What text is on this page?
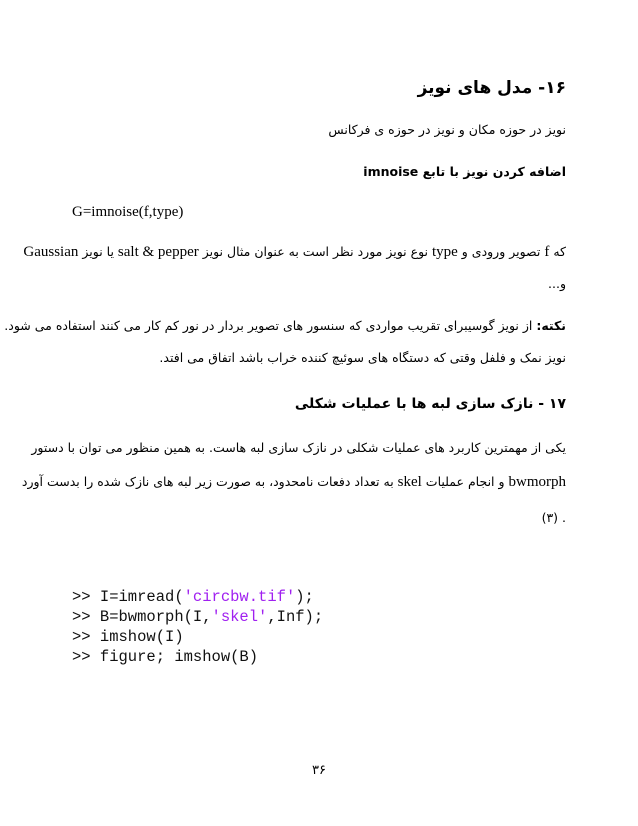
۱۶- مدل های نویز
نویز در حوزه مکان و نویز در حوزه ی فرکانس
اضافه کردن نویز با تابع imnoise
G=imnoise(f,type)
که f تصویر ورودی و type نوع نویز مورد نظر است به عنوان مثال نویز salt & pepper یا نویز Gaussian
و...
نکته: از نویز گوسیبرای تقریب مواردی که سنسور های تصویر بردار در نور کم کار می کنند استفاده می شود.
نویز نمک و فلفل وقتی که دستگاه های سوئیچ کننده خراب باشد اتفاق می افتد.
۱۷ - نازک سازی لبه ها با عملیات شکلی
یکی از مهمترین کاربرد های عملیات شکلی در نازک سازی لبه هاست. به همین منظور می توان با دستور
bwmorph و انجام عملیات skel به تعداد دفعات نامحدود، به صورت زیر لبه های نازک شده را بدست آورد
. (۳)
>> I=imread('circbw.tif');
>> B=bwmorph(I,'skel',Inf);
>> imshow(I)
>> figure; imshow(B)
۳۶
